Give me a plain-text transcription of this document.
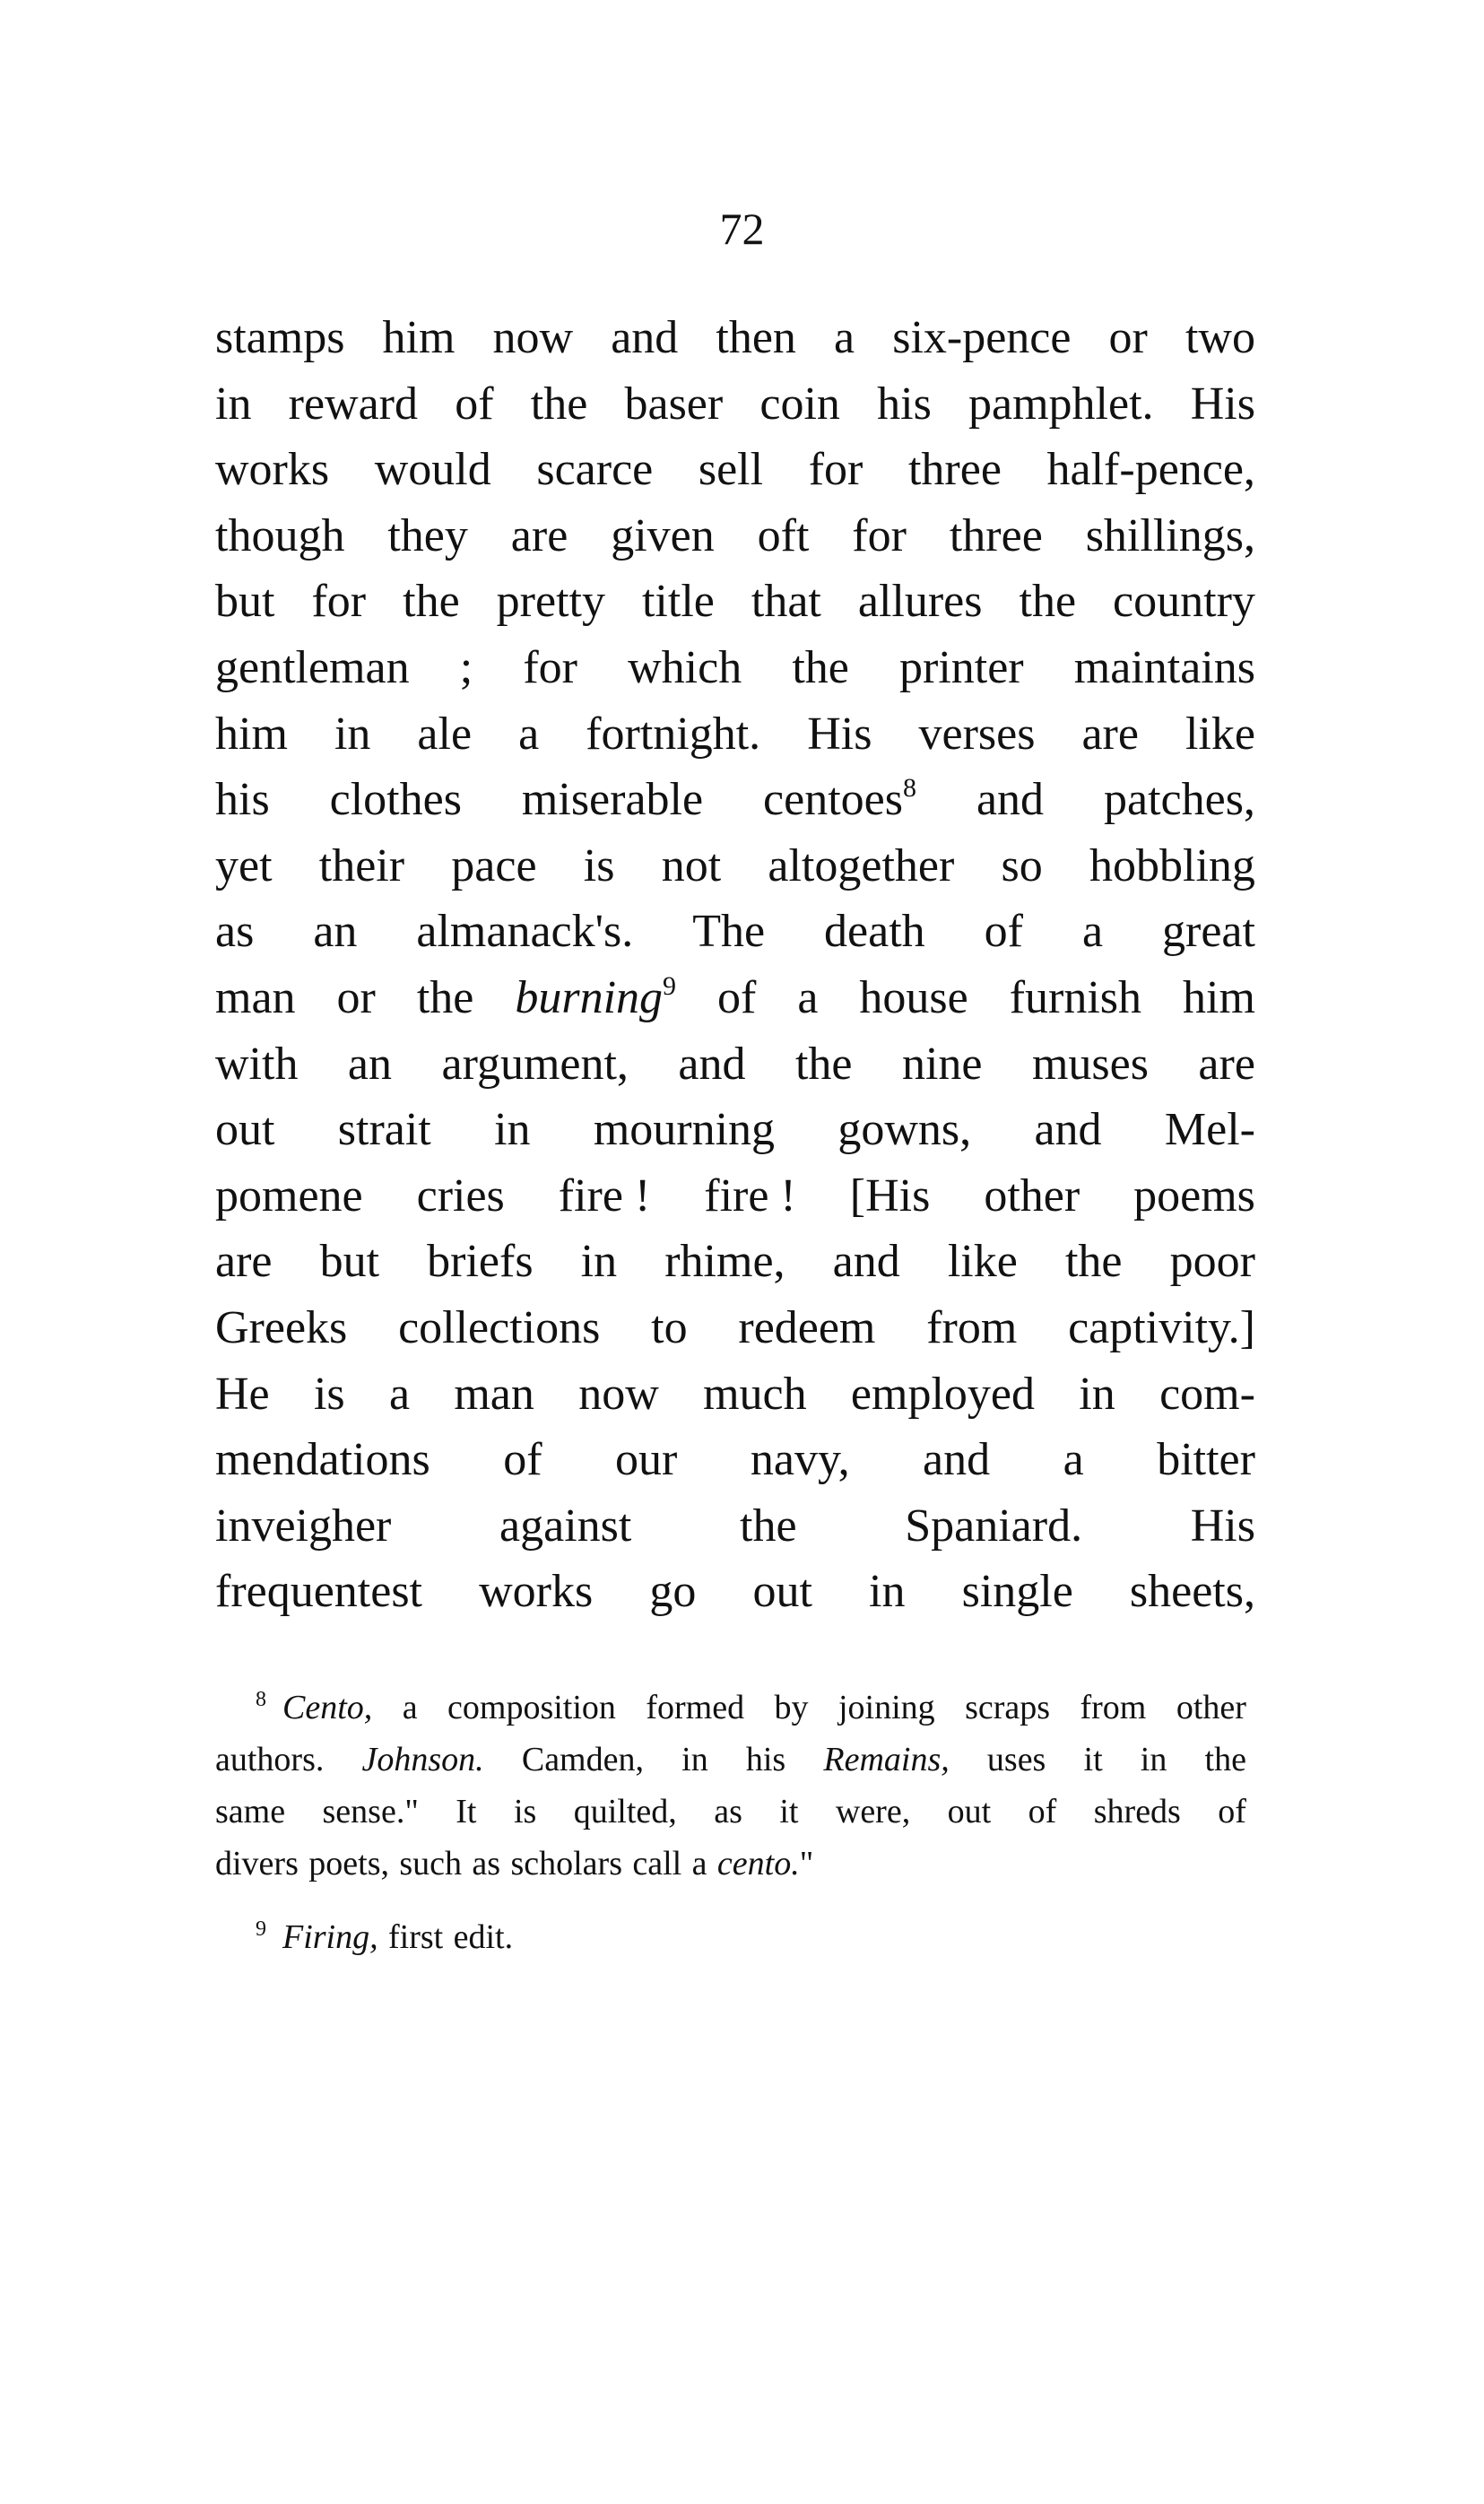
72
stamps him now and then a six-pence or two
in reward of the baser coin his pamphlet. His
works would scarce sell for three half-pence,
though they are given oft for three shillings,
but for the pretty title that allures the country
gentleman ; for which the printer maintains
him in ale a fortnight. His verses are like
his clothes miserable centoes$^8$ and patches,
yet their pace is not altogether so hobbling
as an almanack's. The death of a great
man or the burning$^9$ of a house furnish him
with an argument, and the nine muses are
out strait in mourning gowns, and Mel-
pomene cries fire ! fire ! [His other poems
are but briefs in rhime, and like the poor
Greeks collections to redeem from captivity.]
He is a man now much employed in com-
mendations of our navy, and a bitter
inveigher against the Spaniard. His
frequentest works go out in single sheets,
$^8$ Cento, a composition formed by joining scraps from other
authors. Johnson. Camden, in his Remains, uses it in the
same sense." It is quilted, as it were, out of shreds of
divers poets, such as scholars call a cento."
$^9$ Firing, first edit.
